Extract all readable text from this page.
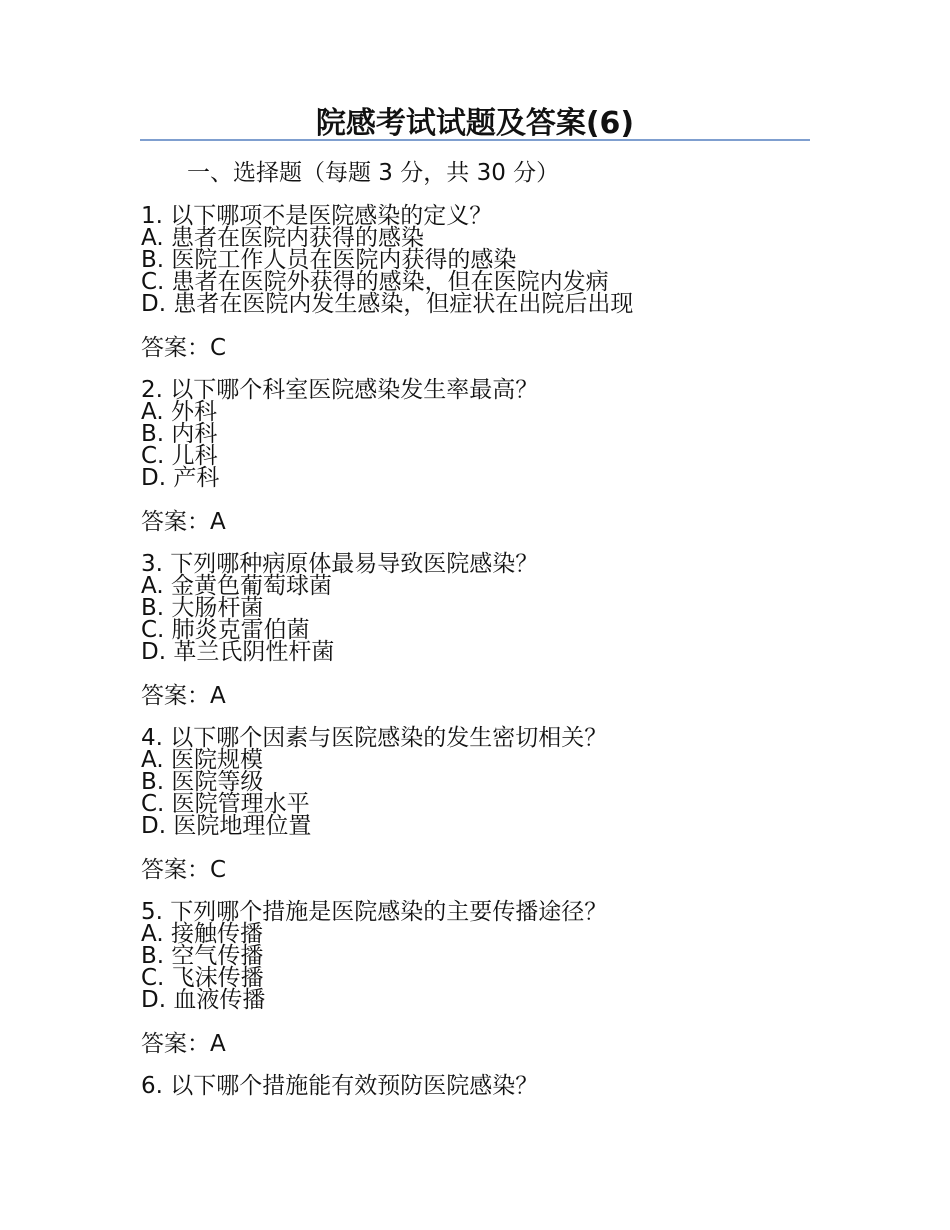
院感考试试题及答案(6)
一、选择题（每题 3 分，共 30 分）
1. 以下哪项不是医院感染的定义？
A. 患者在医院内获得的感染
B. 医院工作人员在医院内获得的感染
C. 患者在医院外获得的感染，但在医院内发病
D. 患者在医院内发生感染，但症状在出院后出现
答案：C
2. 以下哪个科室医院感染发生率最高？
A. 外科
B. 内科
C. 儿科
D. 产科
答案：A
3. 下列哪种病原体最易导致医院感染？
A. 金黄色葡萄球菌
B. 大肠杆菌
C. 肺炎克雷伯菌
D. 革兰氏阴性杆菌
答案：A
4. 以下哪个因素与医院感染的发生密切相关？
A. 医院规模
B. 医院等级
C. 医院管理水平
D. 医院地理位置
答案：C
5. 下列哪个措施是医院感染的主要传播途径？
A. 接触传播
B. 空气传播
C. 飞沫传播
D. 血液传播
答案：A
6. 以下哪个措施能有效预防医院感染？
